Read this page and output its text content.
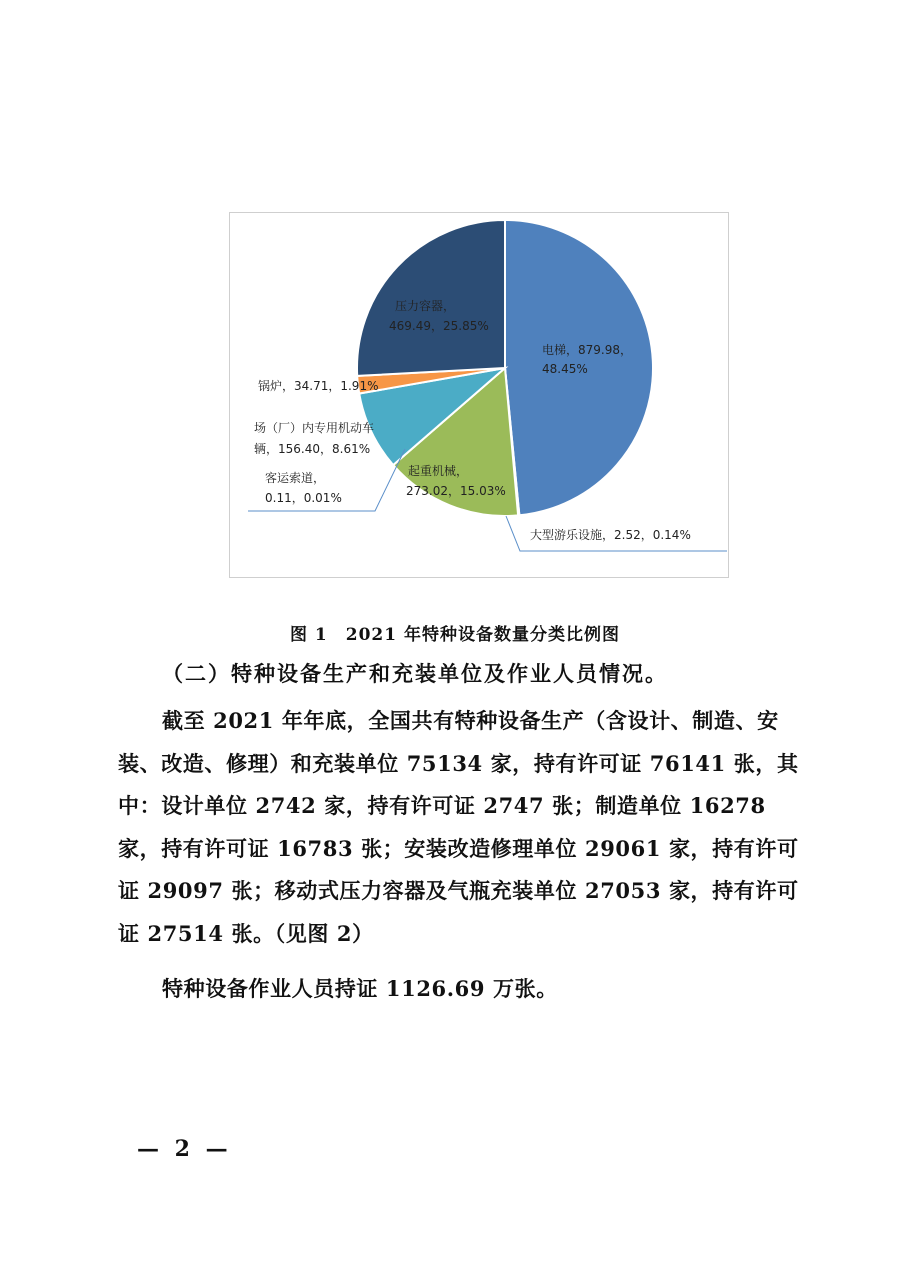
电梯，879.98，
48.45%
大型游乐设施，2.52，0.14%
起重机械，
273.02，15.03%
客运索道，
0.11，0.01%
场（厂）内专用机动车
辆，156.40，8.61%
锅炉，34.71，1.91%
压力容器，
469.49，25.85%
图 1　2021 年特种设备数量分类比例图
（二）特种设备生产和充装单位及作业人员情况。
截至 2021 年年底，全国共有特种设备生产（含设计、制造、安装、改造、修理）和充装单位 75134 家，持有许可证 76141 张，其中：设计单位 2742 家，持有许可证 2747 张；制造单位 16278 家，持有许可证 16783 张；安装改造修理单位 29061 家，持有许可证 29097 张；移动式压力容器及气瓶充装单位 27053 家，持有许可证 27514 张。（见图 2）
特种设备作业人员持证 1126.69 万张。
— 2 —
